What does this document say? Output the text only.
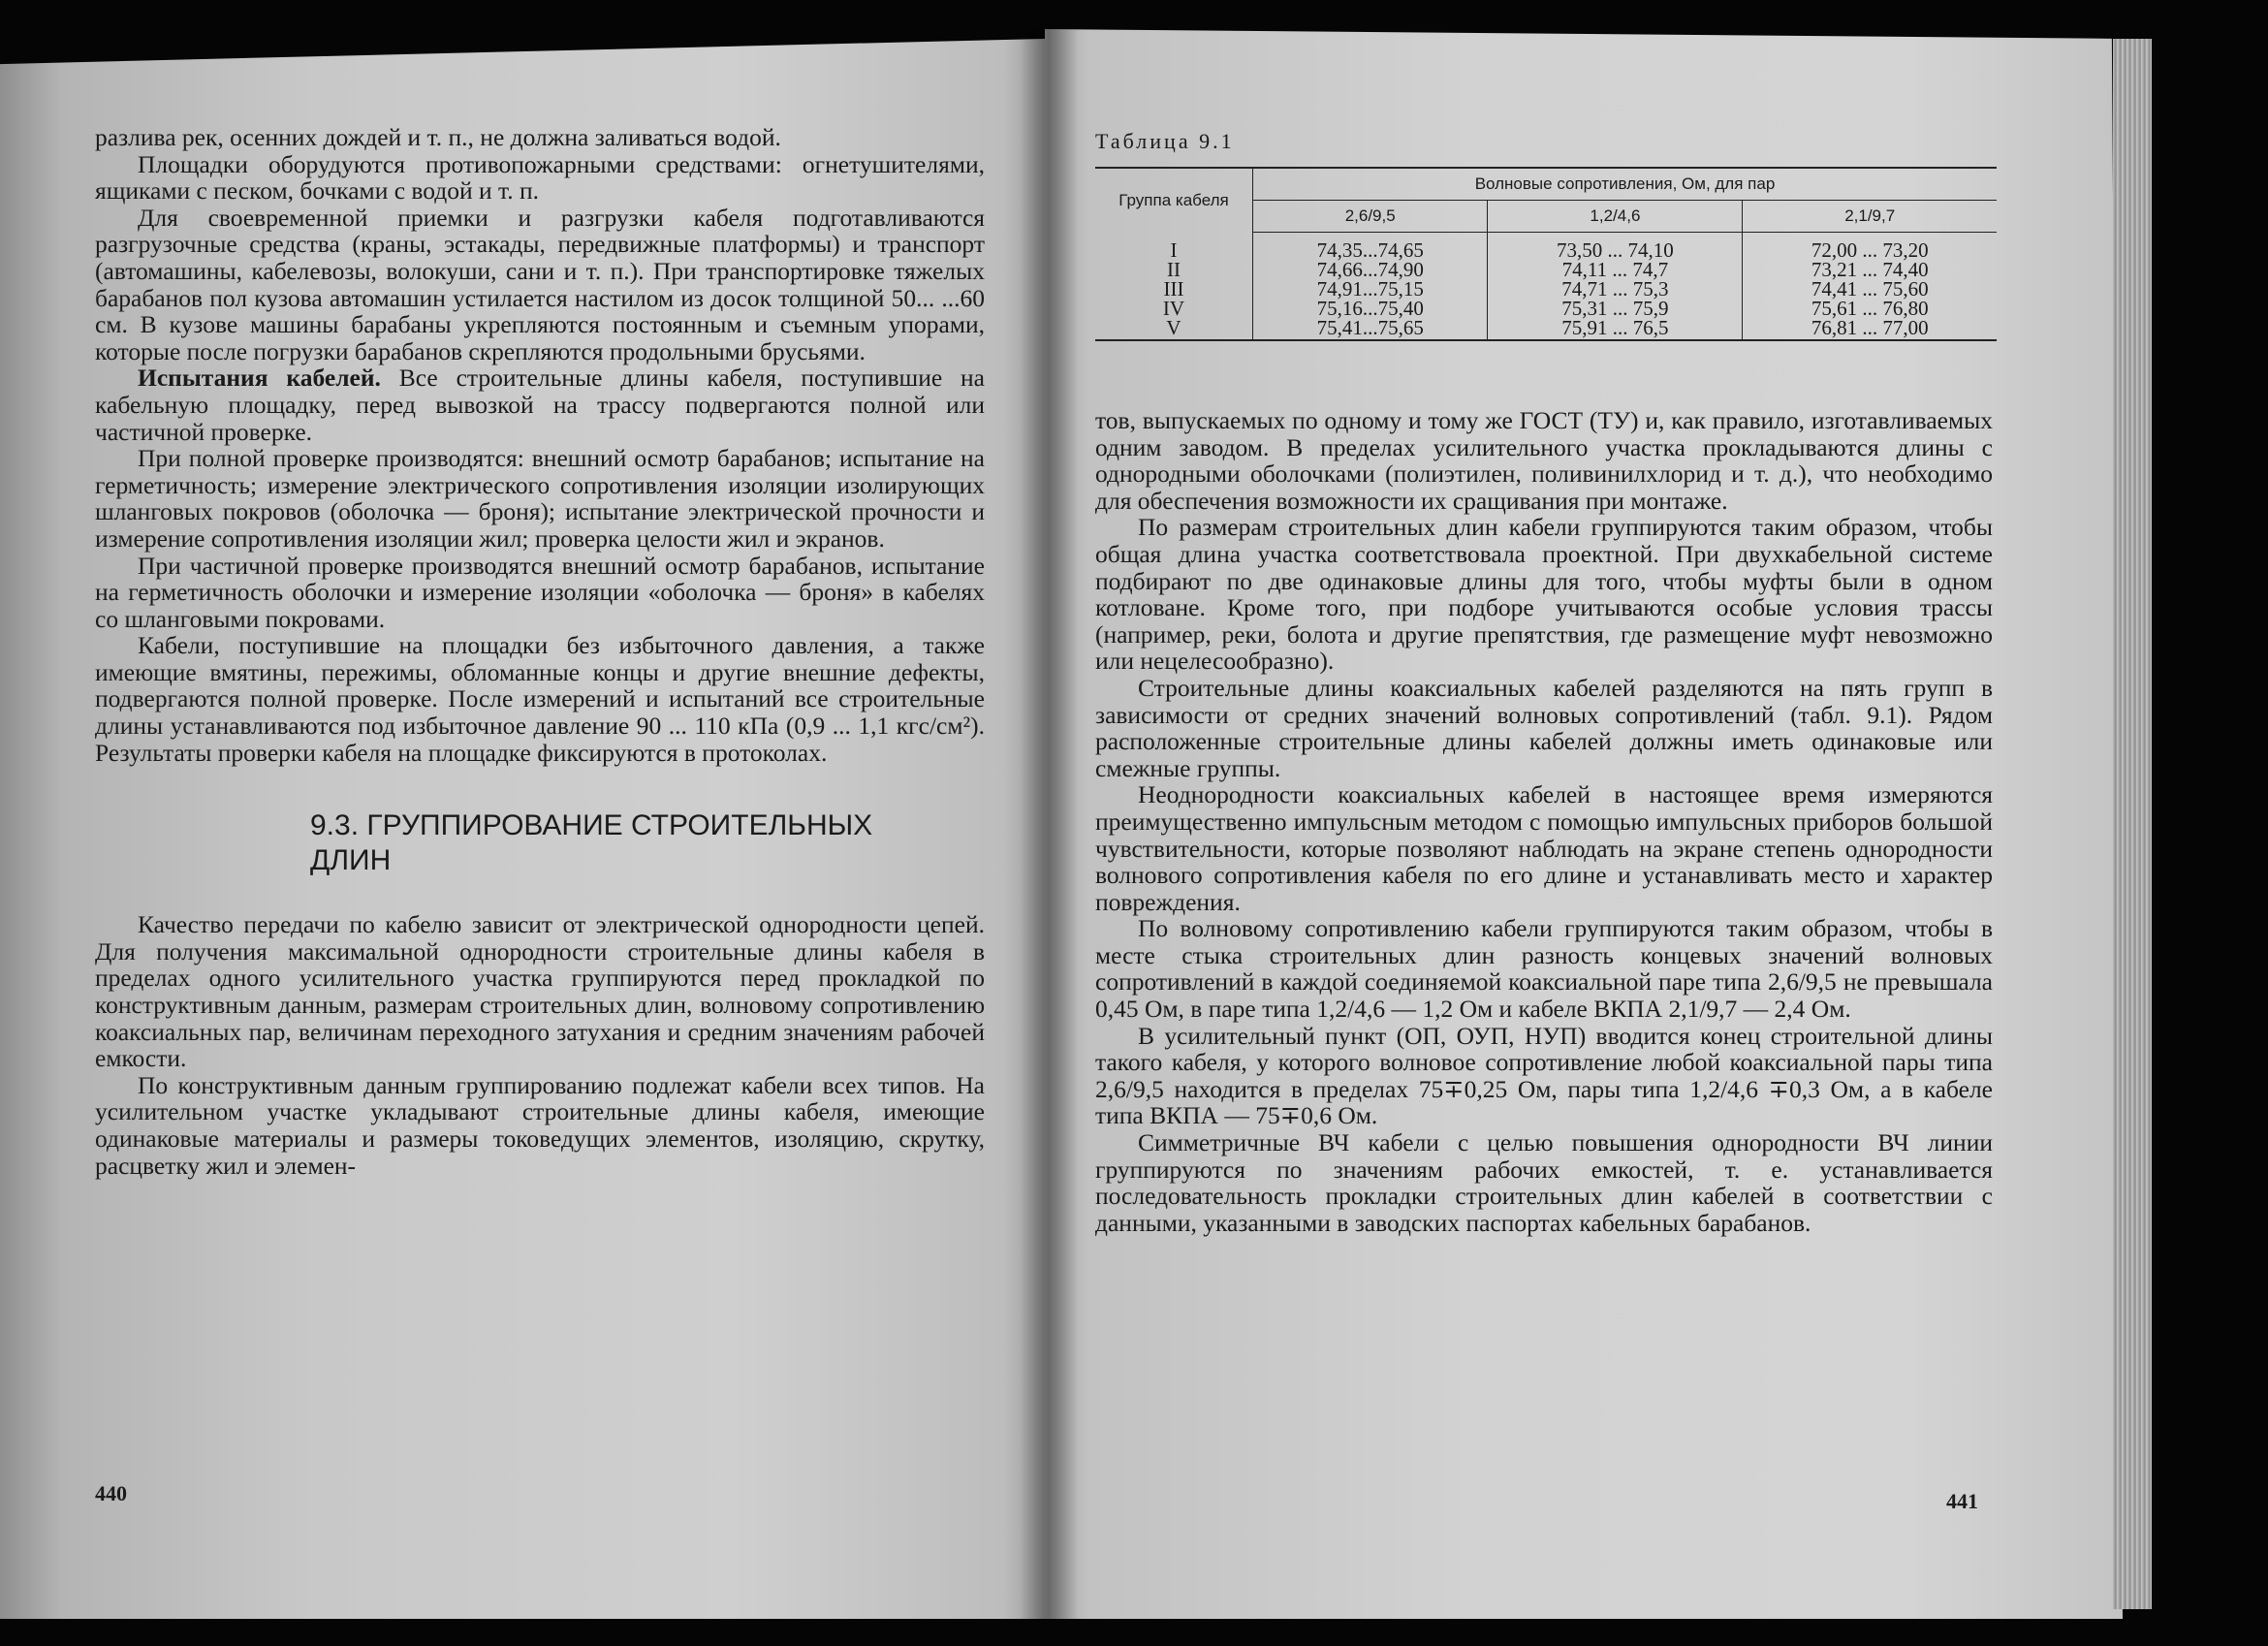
разлива рек, осенних дождей и т. п., не должна заливаться водой.

Площадки оборудуются противопожарными средствами: огнетушителями, ящиками с песком, бочками с водой и т. п.

Для своевременной приемки и разгрузки кабеля подготавливаются разгрузочные средства (краны, эстакады, передвижные платформы) и транспорт (автомашины, кабелевозы, волокуши, сани и т. п.). При транспортировке тяжелых барабанов пол кузова автомашин устилается настилом из досок толщиной 50... ...60 см. В кузове машины барабаны укрепляются постоянным и съемным упорами, которые после погрузки барабанов скрепляются продольными брусьями.

Испытания кабелей. Все строительные длины кабеля, поступившие на кабельную площадку, перед вывозкой на трассу подвергаются полной или частичной проверке.

При полной проверке производятся: внешний осмотр барабанов; испытание на герметичность; измерение электрического сопротивления изоляции изолирующих шланговых покровов (оболочка — броня); испытание электрической прочности и измерение сопротивления изоляции жил; проверка целости жил и экранов.

При частичной проверке производятся внешний осмотр барабанов, испытание на герметичность оболочки и измерение изоляции «оболочка — броня» в кабелях со шланговыми покровами.

Кабели, поступившие на площадки без избыточного давления, а также имеющие вмятины, пережимы, обломанные концы и другие внешние дефекты, подвергаются полной проверке. После измерений и испытаний все строительные длины устанавливаются под избыточное давление 90 ... 110 кПа (0,9 ... 1,1 кгс/см²). Результаты проверки кабеля на площадке фиксируются в протоколах.

9.3. ГРУППИРОВАНИЕ СТРОИТЕЛЬНЫХ ДЛИН

Качество передачи по кабелю зависит от электрической однородности цепей. Для получения максимальной однородности строительные длины кабеля в пределах одного усилительного участка группируются перед прокладкой по конструктивным данным, размерам строительных длин, волновому сопротивлению коаксиальных пар, величинам переходного затухания и средним значениям рабочей емкости.

По конструктивным данным группированию подлежат кабели всех типов. На усилительном участке укладывают строительные длины кабеля, имеющие одинаковые материалы и размеры токоведущих элементов, изоляцию, скрутку, расцветку жил и элемен-

440
Таблица 9.1
Группа кабеля	Волновые сопротивления, Ом, для пар		
	2,6/9,5	1,2/4,6	2,1/9,7
I	74,35...74,65	73,50 ... 74,10	72,00 ... 73,20
II	74,66...74,90	74,11 ... 74,7	73,21 ... 74,40
III	74,91...75,15	74,71 ... 75,3	74,41 ... 75,60
IV	75,16...75,40	75,31 ... 75,9	75,61 ... 76,80
V	75,41...75,65	75,91 ... 76,5	76,81 ... 77,00

тов, выпускаемых по одному и тому же ГОСТ (ТУ) и, как правило, изготавливаемых одним заводом. В пределах усилительного участка прокладываются длины с однородными оболочками (полиэтилен, поливинилхлорид и т. д.), что необходимо для обеспечения возможности их сращивания при монтаже.

По размерам строительных длин кабели группируются таким образом, чтобы общая длина участка соответствовала проектной. При двухкабельной системе подбирают по две одинаковые длины для того, чтобы муфты были в одном котловане. Кроме того, при подборе учитываются особые условия трассы (например, реки, болота и другие препятствия, где размещение муфт невозможно или нецелесообразно).

Строительные длины коаксиальных кабелей разделяются на пять групп в зависимости от средних значений волновых сопротивлений (табл. 9.1). Рядом расположенные строительные длины кабелей должны иметь одинаковые или смежные группы.

Неоднородности коаксиальных кабелей в настоящее время измеряются преимущественно импульсным методом с помощью импульсных приборов большой чувствительности, которые позволяют наблюдать на экране степень однородности волнового сопротивления кабеля по его длине и устанавливать место и характер повреждения.

По волновому сопротивлению кабели группируются таким образом, чтобы в месте стыка строительных длин разность концевых значений волновых сопротивлений в каждой соединяемой коаксиальной паре типа 2,6/9,5 не превышала 0,45 Ом, в паре типа 1,2/4,6 — 1,2 Ом и кабеле ВКПА 2,1/9,7 — 2,4 Ом.

В усилительный пункт (ОП, ОУП, НУП) вводится конец строительной длины такого кабеля, у которого волновое сопротивление любой коаксиальной пары типа 2,6/9,5 находится в пределах 75∓0,25 Ом, пары типа 1,2/4,6 ∓0,3 Ом, а в кабеле типа ВКПА — 75∓0,6 Ом.

Симметричные ВЧ кабели с целью повышения однородности ВЧ линии группируются по значениям рабочих емкостей, т. е. устанавливается последовательность прокладки строительных длин кабелей в соответствии с данными, указанными в заводских паспортах кабельных барабанов.

441
